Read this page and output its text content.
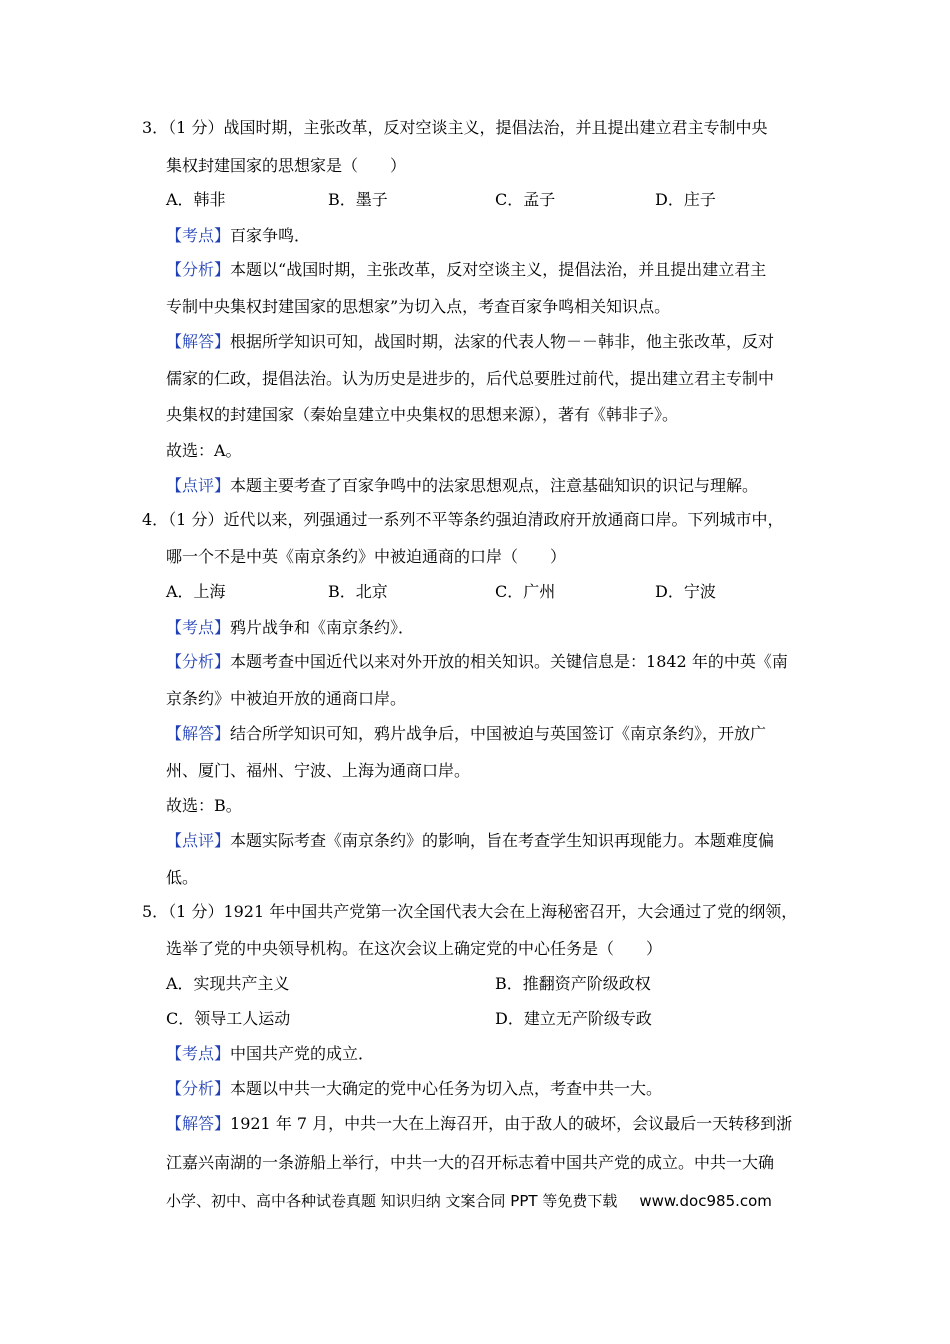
3．（1 分）战国时期，主张改革，反对空谈主义，提倡法治，并且提出建立君主专制中央
集权封建国家的思想家是（　　）
A．韩非	B．墨子	C．孟子	D．庄子
【考点】百家争鸣．
【分析】本题以“战国时期，主张改革，反对空谈主义，提倡法治，并且提出建立君主
专制中央集权封建国家的思想家”为切入点，考查百家争鸣相关知识点。
【解答】根据所学知识可知，战国时期，法家的代表人物－－韩非，他主张改革，反对
儒家的仁政，提倡法治。认为历史是进步的，后代总要胜过前代，提出建立君主专制中
央集权的封建国家（秦始皇建立中央集权的思想来源），著有《韩非子》。
故选：A。
【点评】本题主要考查了百家争鸣中的法家思想观点，注意基础知识的识记与理解。
4．（1 分）近代以来，列强通过一系列不平等条约强迫清政府开放通商口岸。下列城市中，
哪一个不是中英《南京条约》中被迫通商的口岸（　　）
A．上海	B．北京	C．广州	D．宁波
【考点】鸦片战争和《南京条约》．
【分析】本题考查中国近代以来对外开放的相关知识。关键信息是：1842 年的中英《南
京条约》中被迫开放的通商口岸。
【解答】结合所学知识可知，鸦片战争后，中国被迫与英国签订《南京条约》，开放广
州、厦门、福州、宁波、上海为通商口岸。
故选：B。
【点评】本题实际考查《南京条约》的影响，旨在考查学生知识再现能力。本题难度偏
低。
5．（1 分）1921 年中国共产党第一次全国代表大会在上海秘密召开，大会通过了党的纲领，
选举了党的中央领导机构。在这次会议上确定党的中心任务是（　　）
A．实现共产主义	B．推翻资产阶级政权
C．领导工人运动	D．建立无产阶级专政
【考点】中国共产党的成立．
【分析】本题以中共一大确定的党中心任务为切入点，考查中共一大。
【解答】1921 年 7 月，中共一大在上海召开，由于敌人的破坏，会议最后一天转移到浙
江嘉兴南湖的一条游船上举行，中共一大的召开标志着中国共产党的成立。中共一大确
小学、初中、高中各种试卷真题 知识归纳 文案合同 PPT 等免费下载 www.doc985.com
